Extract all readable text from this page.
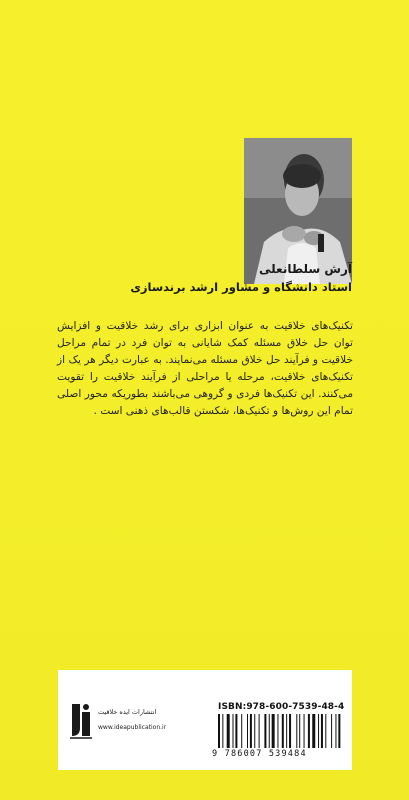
آرش سلطانعلی
استاد دانشگاه و مشاور ارشد برندسازی
تکنیک‌های خلاقیت به عنوان ابزاری برای رشد خلاقیت و افزایش توان حل خلاق مسئله کمک شایانی به توان فرد در تمام مراحل خلاقیت و فرآیند حل خلاق مسئله می‌نمایند. به عبارت دیگر هر یک از تکنیک‌های خلاقیت، مرحله یا مراحلی از فرآیند خلاقیت را تقویت می‌کنند. این تکنیک‌ها فردی و گروهی می‌باشند بطوریکه محور اصلی تمام این روش‌ها و تکنیک‌ها، شکستن قالب‌های ذهنی است .
انتشارات ایده خلاقیت
www.ideapublication.ir
ISBN:978-600-7539-48-4
9 786007 539484
